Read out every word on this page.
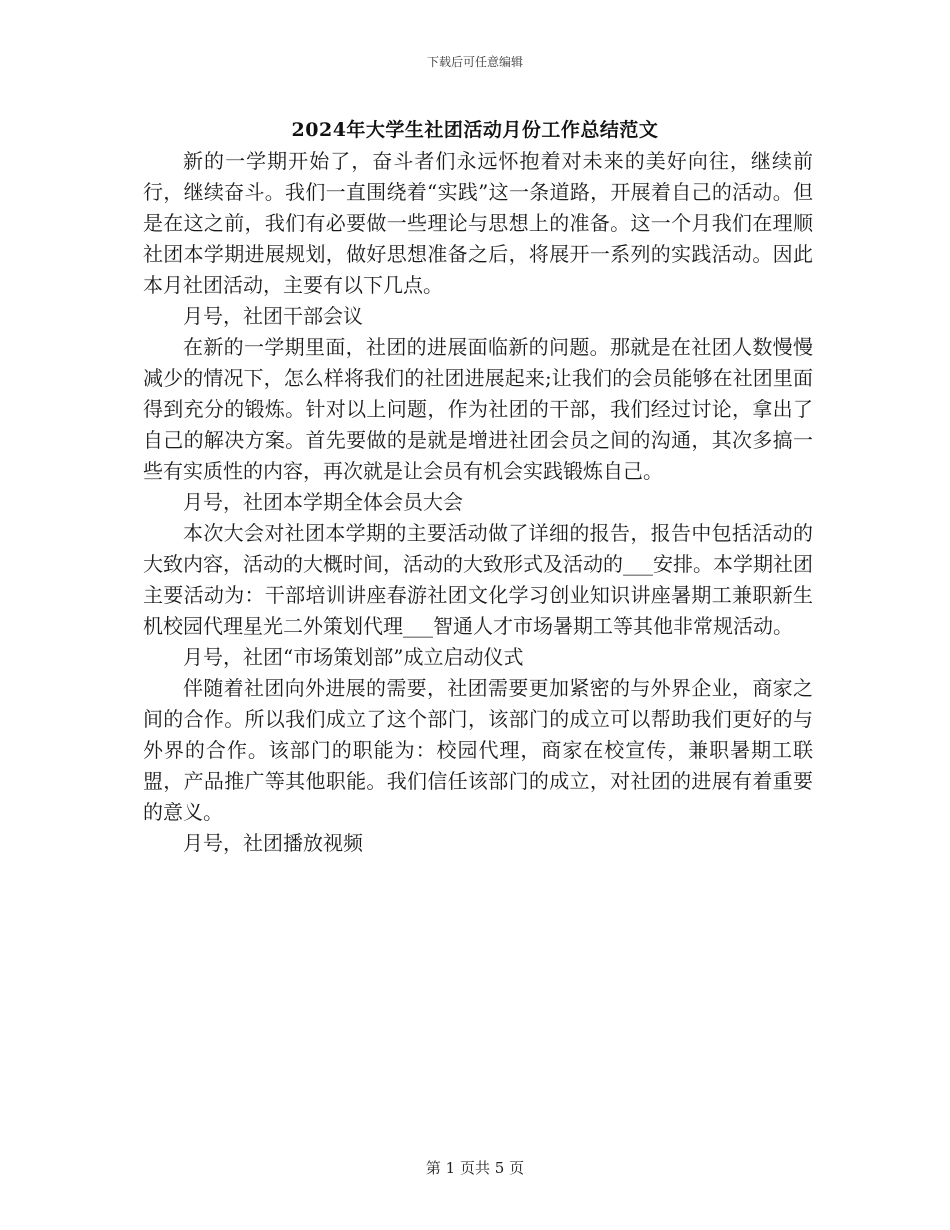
下载后可任意编辑
2024年大学生社团活动月份工作总结范文

新的一学期开始了，奋斗者们永远怀抱着对未来的美好向往，继续前行，继续奋斗。我们一直围绕着“实践”这一条道路，开展着自己的活动。但是在这之前，我们有必要做一些理论与思想上的准备。这一个月我们在理顺社团本学期进展规划，做好思想准备之后，将展开一系列的实践活动。因此本月社团活动，主要有以下几点。

月号，社团干部会议

在新的一学期里面，社团的进展面临新的问题。那就是在社团人数慢慢减少的情况下，怎么样将我们的社团进展起来;让我们的会员能够在社团里面得到充分的锻炼。针对以上问题，作为社团的干部，我们经过讨论，拿出了自己的解决方案。首先要做的是就是增进社团会员之间的沟通，其次多搞一些有实质性的内容，再次就是让会员有机会实践锻炼自己。

月号，社团本学期全体会员大会

本次大会对社团本学期的主要活动做了详细的报告，报告中包括活动的大致内容，活动的大概时间，活动的大致形式及活动的___安排。本学期社团主要活动为：干部培训讲座春游社团文化学习创业知识讲座暑期工兼职新生机校园代理星光二外策划代理___智通人才市场暑期工等其他非常规活动。

月号，社团“市场策划部”成立启动仪式

伴随着社团向外进展的需要，社团需要更加紧密的与外界企业，商家之间的合作。所以我们成立了这个部门，该部门的成立可以帮助我们更好的与外界的合作。该部门的职能为：校园代理，商家在校宣传，兼职暑期工联盟，产品推广等其他职能。我们信任该部门的成立，对社团的进展有着重要的意义。

月号，社团播放视频

第 1 页共 5 页
